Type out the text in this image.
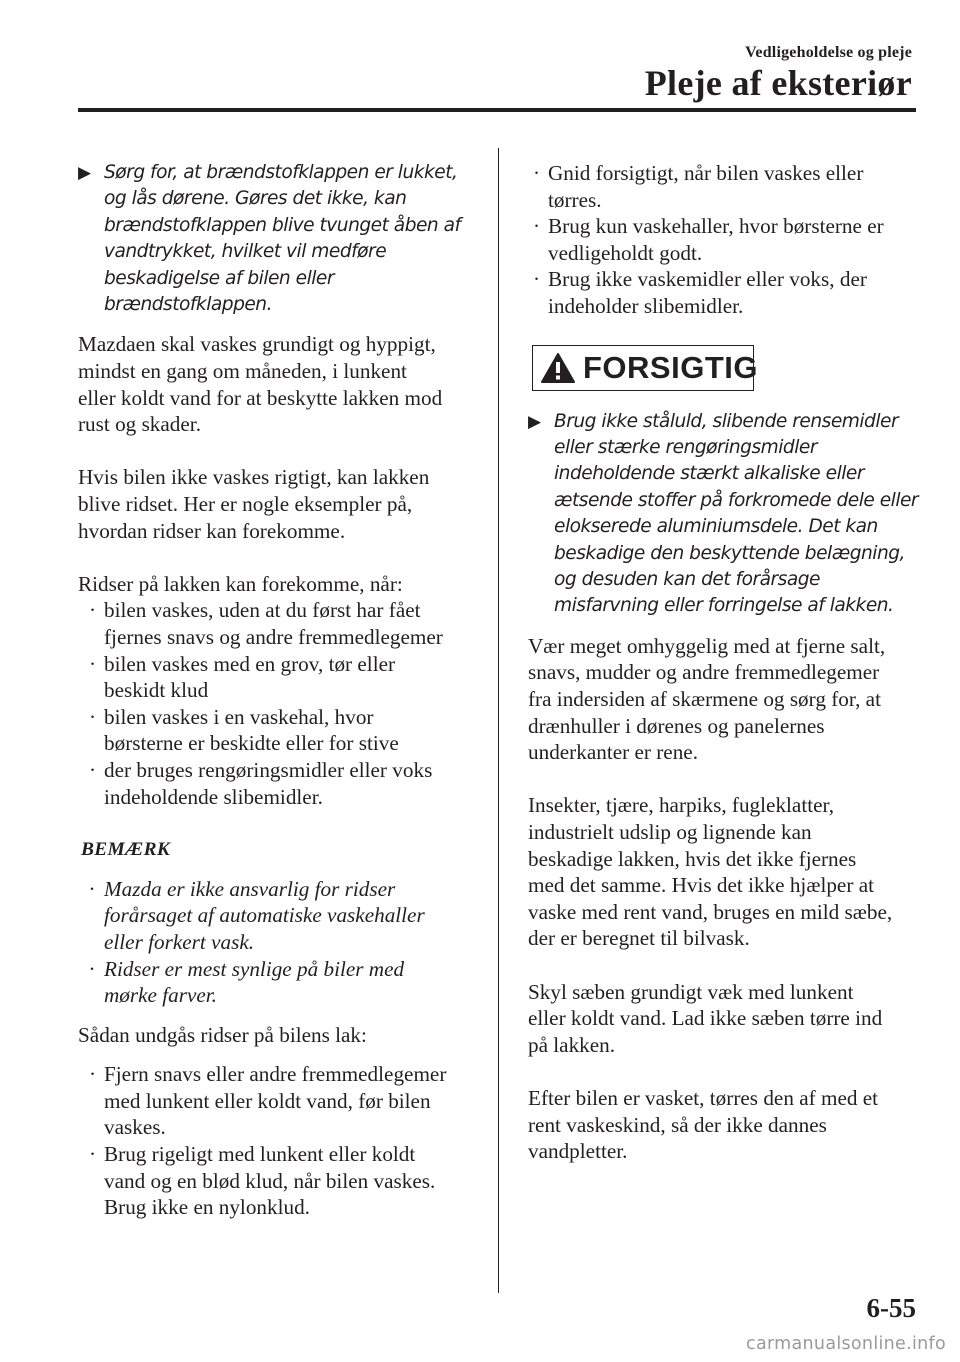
Vedligeholdelse og pleje
Pleje af eksteriør
▶ Sørg for, at brændstofklappen er lukket,
og lås dørene. Gøres det ikke, kan
brændstofklappen blive tvunget åben af
vandtrykket, hvilket vil medføre
beskadigelse af bilen eller
brændstofklappen.
Mazdaen skal vaskes grundigt og hyppigt,
mindst en gang om måneden, i lunkent
eller koldt vand for at beskytte lakken mod
rust og skader.
Hvis bilen ikke vaskes rigtigt, kan lakken
blive ridset. Her er nogle eksempler på,
hvordan ridser kan forekomme.
Ridser på lakken kan forekomme, når:
· bilen vaskes, uden at du først har fået
fjernes snavs og andre fremmedlegemer
· bilen vaskes med en grov, tør eller
beskidt klud
· bilen vaskes i en vaskehal, hvor
børsterne er beskidte eller for stive
· der bruges rengøringsmidler eller voks
indeholdende slibemidler.
BEMÆRK
· Mazda er ikke ansvarlig for ridser
forårsaget af automatiske vaskehaller
eller forkert vask.
· Ridser er mest synlige på biler med
mørke farver.
Sådan undgås ridser på bilens lak:
· Fjern snavs eller andre fremmedlegemer
med lunkent eller koldt vand, før bilen
vaskes.
· Brug rigeligt med lunkent eller koldt
vand og en blød klud, når bilen vaskes.
Brug ikke en nylonklud.
· Gnid forsigtigt, når bilen vaskes eller
tørres.
· Brug kun vaskehaller, hvor børsterne er
vedligeholdt godt.
· Brug ikke vaskemidler eller voks, der
indeholder slibemidler.
FORSIGTIG
▶ Brug ikke ståluld, slibende rensemidler
eller stærke rengøringsmidler
indeholdende stærkt alkaliske eller
ætsende stoffer på forkromede dele eller
elokserede aluminiumsdele. Det kan
beskadige den beskyttende belægning,
og desuden kan det forårsage
misfarvning eller forringelse af lakken.
Vær meget omhyggelig med at fjerne salt,
snavs, mudder og andre fremmedlegemer
fra indersiden af skærmene og sørg for, at
drænhuller i dørenes og panelernes
underkanter er rene.
Insekter, tjære, harpiks, fugleklatter,
industrielt udslip og lignende kan
beskadige lakken, hvis det ikke fjernes
med det samme. Hvis det ikke hjælper at
vaske med rent vand, bruges en mild sæbe,
der er beregnet til bilvask.
Skyl sæben grundigt væk med lunkent
eller koldt vand. Lad ikke sæben tørre ind
på lakken.
Efter bilen er vasket, tørres den af med et
rent vaskeskind, så der ikke dannes
vandpletter.
6-55
carmanualsonline.info
